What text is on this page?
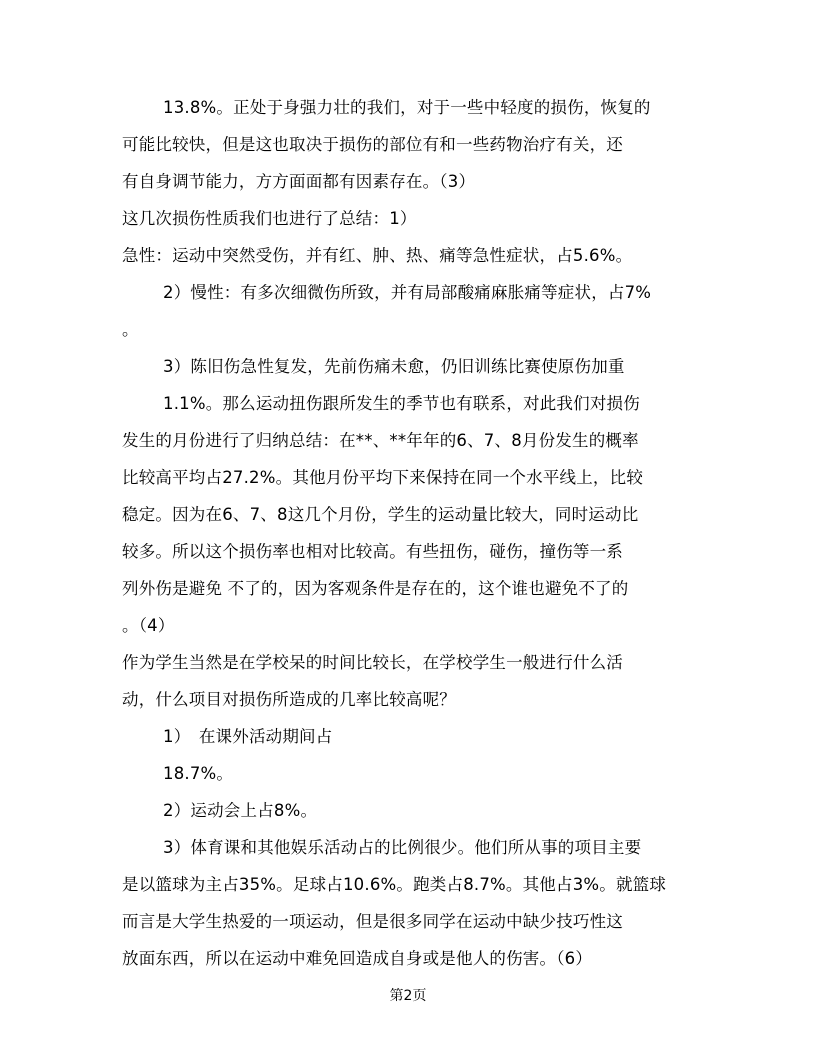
13.8%。正处于身强力壮的我们，对于一些中轻度的损伤，恢复的
可能比较快，但是这也取决于损伤的部位有和一些药物治疗有关，还
有自身调节能力，方方面面都有因素存在。（3）
这几次损伤性质我们也进行了总结：1）
急性：运动中突然受伤，并有红、肿、热、痛等急性症状，占5.6%。
2）慢性：有多次细微伤所致，并有局部酸痛麻胀痛等症状，占7%
。
3）陈旧伤急性复发，先前伤痛未愈，仍旧训练比赛使原伤加重
1.1%。那么运动扭伤跟所发生的季节也有联系，对此我们对损伤
发生的月份进行了归纳总结：在**、**年年的6、7、8月份发生的概率
比较高平均占27.2%。其他月份平均下来保持在同一个水平线上，比较
稳定。因为在6、7、8这几个月份，学生的运动量比较大，同时运动比
较多。所以这个损伤率也相对比较高。有些扭伤，碰伤，撞伤等一系
列外伤是避免 不了的，因为客观条件是存在的，这个谁也避免不了的
。（4）
作为学生当然是在学校呆的时间比较长，在学校学生一般进行什么活
动，什么项目对损伤所造成的几率比较高呢？
1）　在课外活动期间占
18.7%。
2）运动会上占8%。
3）体育课和其他娱乐活动占的比例很少。他们所从事的项目主要
是以篮球为主占35%。足球占10.6%。跑类占8.7%。其他占3%。就篮球
而言是大学生热爱的一项运动，但是很多同学在运动中缺少技巧性这
放面东西，所以在运动中难免回造成自身或是他人的伤害。（6）
第2页
